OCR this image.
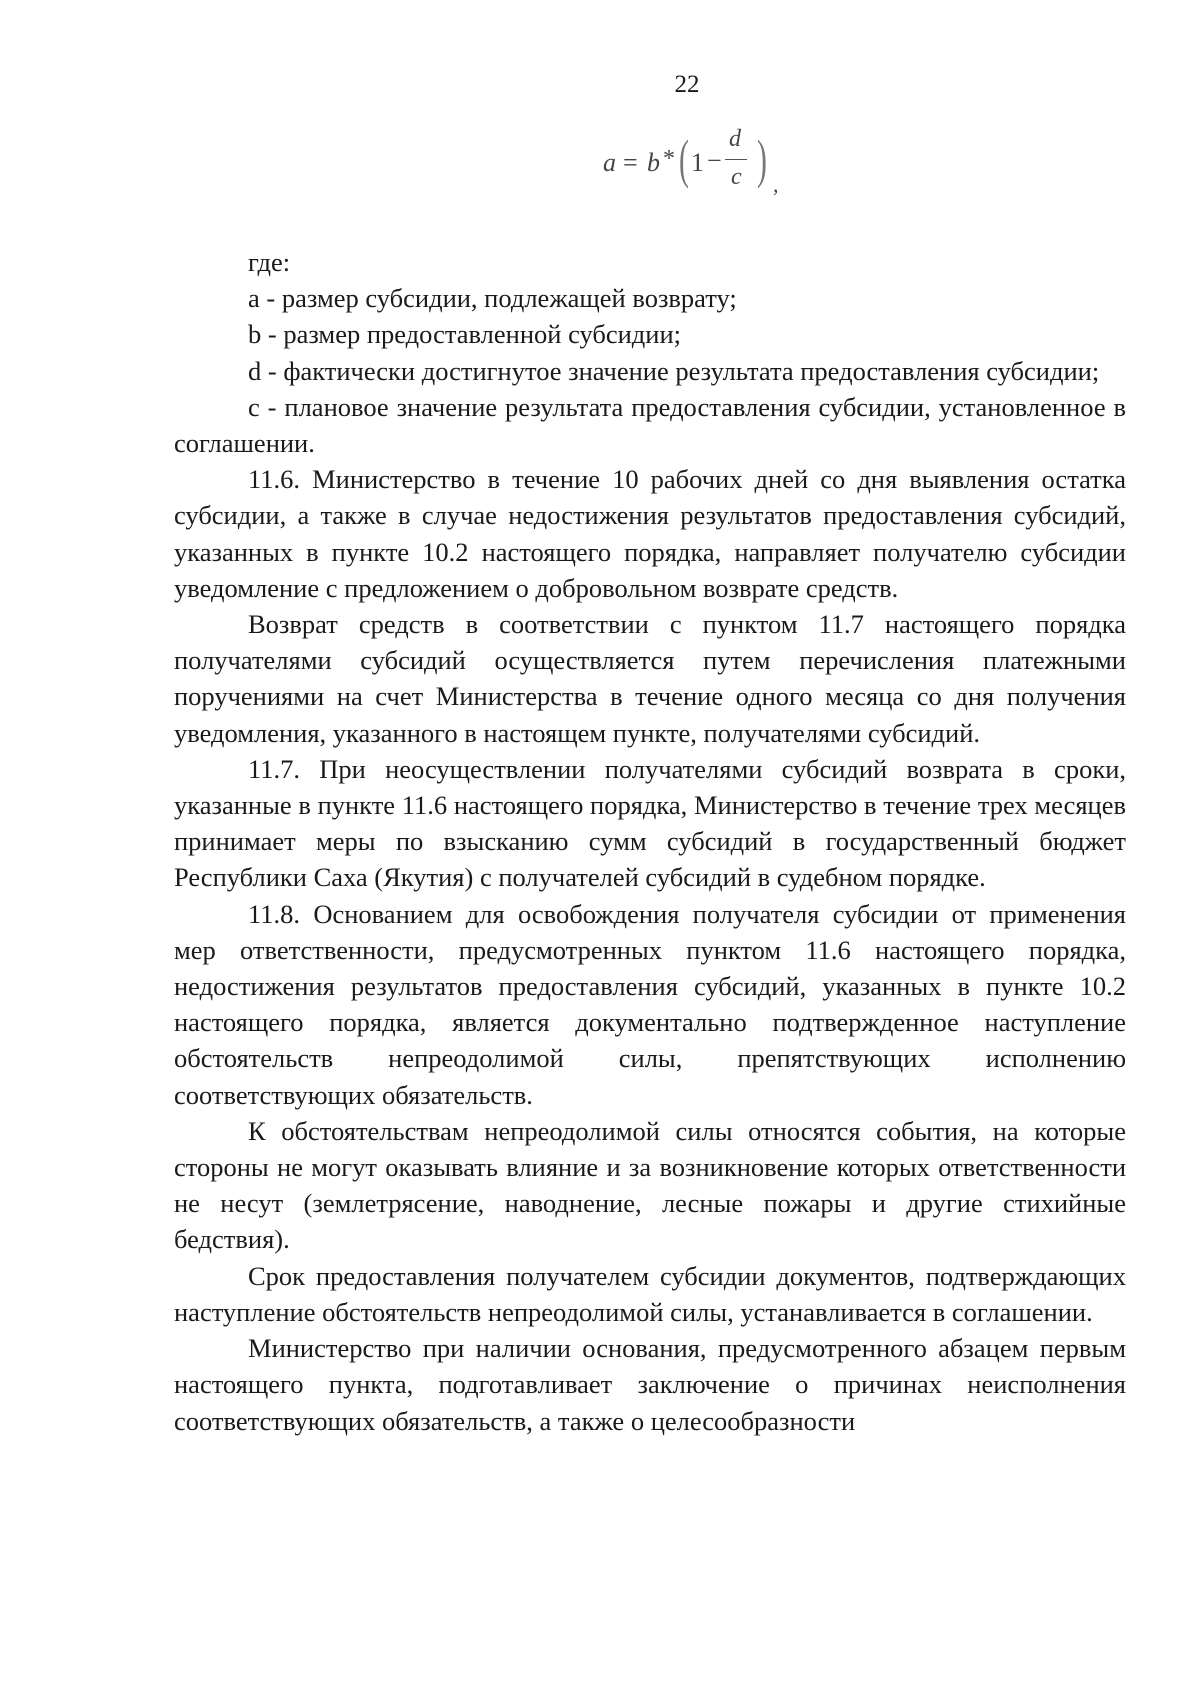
22
a = b * ( 1 −
d
c ) ,

где:

a - размер субсидии, подлежащей возврату;

b - размер предоставленной субсидии;

d - фактически достигнутое значение результата предоставления субсидии;

c - плановое значение результата предоставления субсидии, установленное в соглашении.

11.6. Министерство в течение 10 рабочих дней со дня выявления остатка субсидии, а также в случае недостижения результатов предоставления субсидий, указанных в пункте 10.2 настоящего порядка, направляет получателю субсидии уведомление с предложением о добровольном возврате средств.

Возврат средств в соответствии с пунктом 11.7 настоящего порядка получателями субсидий осуществляется путем перечисления платежными поручениями на счет Министерства в течение одного месяца со дня получения уведомления, указанного в настоящем пункте, получателями субсидий.

11.7. При неосуществлении получателями субсидий возврата в сроки, указанные в пункте 11.6 настоящего порядка, Министерство в течение трех месяцев принимает меры по взысканию сумм субсидий в государственный бюджет Республики Саха (Якутия) с получателей субсидий в судебном порядке.

11.8. Основанием для освобождения получателя субсидии от применения мер ответственности, предусмотренных пунктом 11.6 настоящего порядка, недостижения результатов предоставления субсидий, указанных в пункте 10.2 настоящего порядка, является документально подтвержденное наступление обстоятельств непреодолимой силы, препятствующих исполнению соответствующих обязательств.

К обстоятельствам непреодолимой силы относятся события, на которые стороны не могут оказывать влияние и за возникновение которых ответственности не несут (землетрясение, наводнение, лесные пожары и другие стихийные бедствия).

Срок предоставления получателем субсидии документов, подтверждающих наступление обстоятельств непреодолимой силы, устанавливается в соглашении.

Министерство при наличии основания, предусмотренного абзацем первым настоящего пункта, подготавливает заключение о причинах неисполнения соответствующих обязательств, а также о целесообразности
